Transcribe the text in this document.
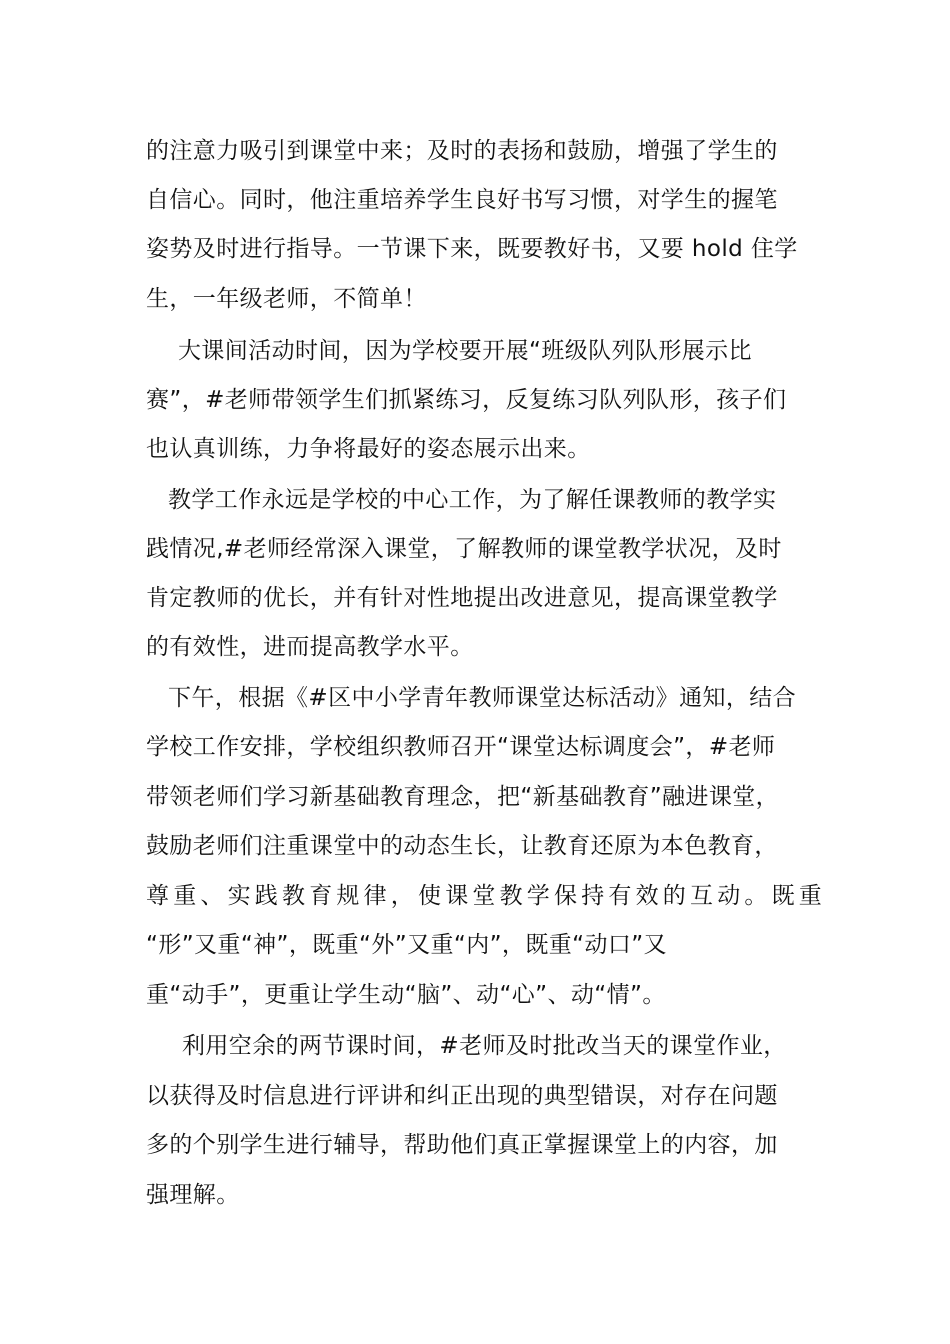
的注意力吸引到课堂中来；及时的表扬和鼓励，增强了学生的
自信心。同时，他注重培养学生良好书写习惯，对学生的握笔
姿势及时进行指导。一节课下来，既要教好书，又要 hold 住学
生，一年级老师，不简单！
大课间活动时间，因为学校要开展“班级队列队形展示比
赛”，#老师带领学生们抓紧练习，反复练习队列队形，孩子们
也认真训练，力争将最好的姿态展示出来。
教学工作永远是学校的中心工作，为了解任课教师的教学实
践情况,#老师经常深入课堂，了解教师的课堂教学状况，及时
肯定教师的优长，并有针对性地提出改进意见，提高课堂教学
的有效性，进而提高教学水平。
下午，根据《#区中小学青年教师课堂达标活动》通知，结合
学校工作安排，学校组织教师召开“课堂达标调度会”，#老师
带领老师们学习新基础教育理念，把“新基础教育”融进课堂，
鼓励老师们注重课堂中的动态生长，让教育还原为本色教育，
尊重、实践教育规律，使课堂教学保持有效的互动。既重
“形”又重“神”，既重“外”又重“内”，既重“动口”又
重“动手”，更重让学生动“脑”、动“心”、动“情”。
利用空余的两节课时间，#老师及时批改当天的课堂作业，
以获得及时信息进行评讲和纠正出现的典型错误，对存在问题
多的个别学生进行辅导，帮助他们真正掌握课堂上的内容，加
强理解。
